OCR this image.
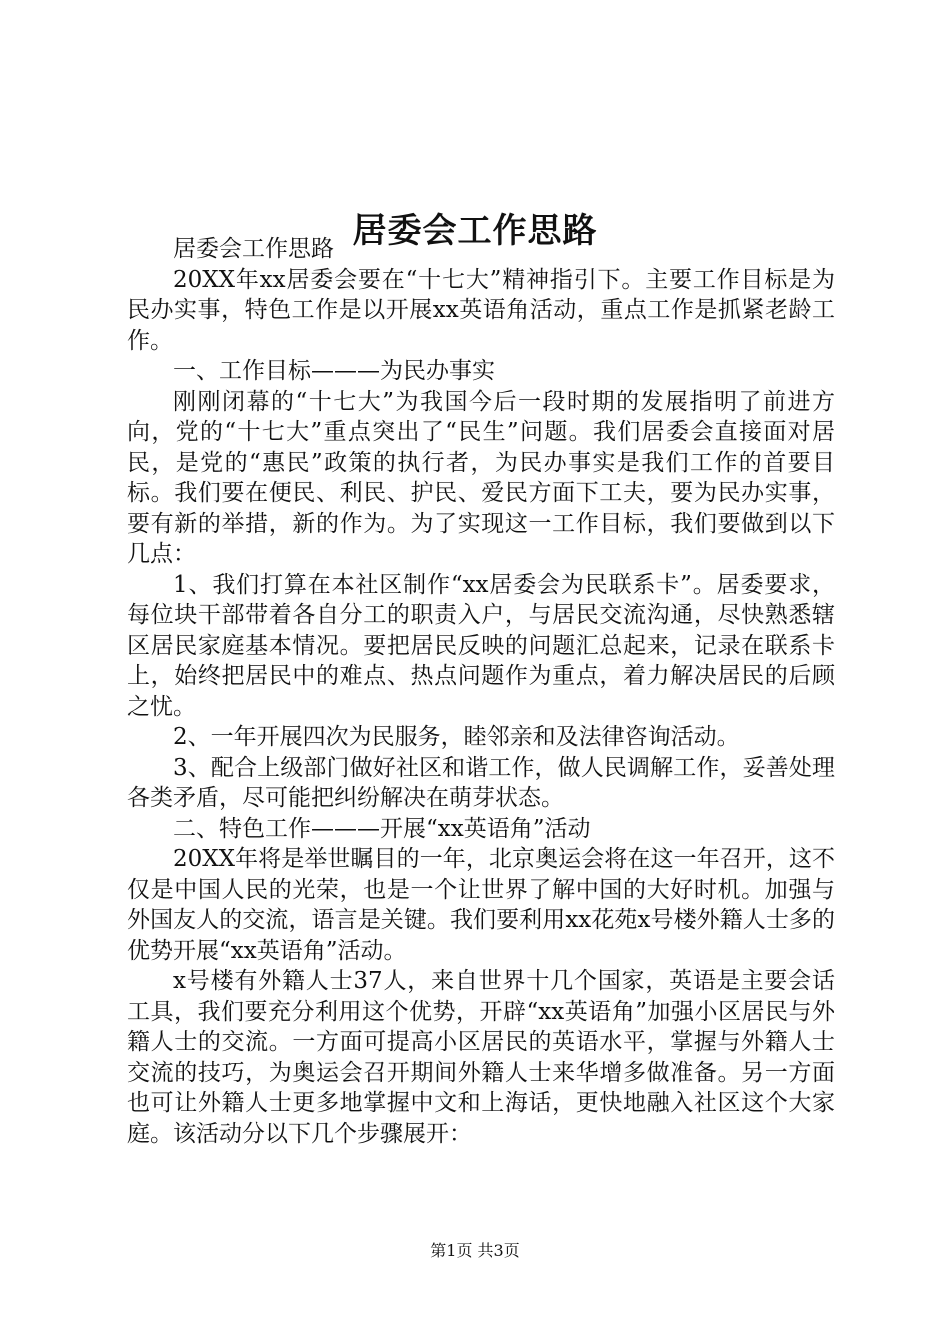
居委会工作思路

居委会工作思路

20XX年xx居委会要在“十七大”精神指引下。主要工作目标是为民办实事，特色工作是以开展xx英语角活动，重点工作是抓紧老龄工作。

一、工作目标———为民办事实

刚刚闭幕的“十七大”为我国今后一段时期的发展指明了前进方向，党的“十七大”重点突出了“民生”问题。我们居委会直接面对居民，是党的“惠民”政策的执行者，为民办事实是我们工作的首要目标。我们要在便民、利民、护民、爱民方面下工夫，要为民办实事，要有新的举措，新的作为。为了实现这一工作目标，我们要做到以下几点：

1、我们打算在本社区制作“xx居委会为民联系卡”。居委要求，每位块干部带着各自分工的职责入户，与居民交流沟通，尽快熟悉辖区居民家庭基本情况。要把居民反映的问题汇总起来，记录在联系卡上，始终把居民中的难点、热点问题作为重点，着力解决居民的后顾之忧。

2、一年开展四次为民服务，睦邻亲和及法律咨询活动。

3、配合上级部门做好社区和谐工作，做人民调解工作，妥善处理各类矛盾，尽可能把纠纷解决在萌芽状态。

二、特色工作———开展“xx英语角”活动

20XX年将是举世瞩目的一年，北京奥运会将在这一年召开，这不仅是中国人民的光荣，也是一个让世界了解中国的大好时机。加强与外国友人的交流，语言是关键。我们要利用xx花苑x号楼外籍人士多的优势开展“xx英语角”活动。

x号楼有外籍人士37人，来自世界十几个国家，英语是主要会话工具，我们要充分利用这个优势，开辟“xx英语角”加强小区居民与外籍人士的交流。一方面可提高小区居民的英语水平，掌握与外籍人士交流的技巧，为奥运会召开期间外籍人士来华增多做准备。另一方面也可让外籍人士更多地掌握中文和上海话，更快地融入社区这个大家庭。该活动分以下几个步骤展开：

第1页 共3页
